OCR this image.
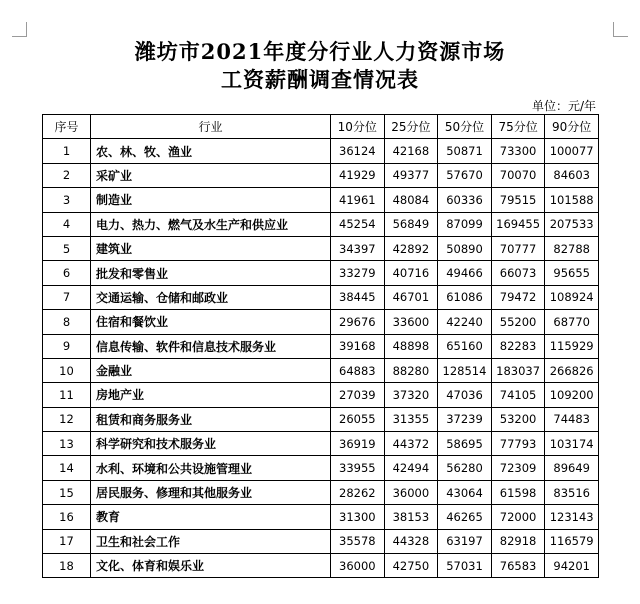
潍坊市2021年度分行业人力资源市场
工资薪酬调查情况表
单位：元/年
序号	行业	10分位	25分位	50分位	75分位	90分位
1	农、林、牧、渔业	36124	42168	50871	73300	100077
2	采矿业	41929	49377	57670	70070	84603
3	制造业	41961	48084	60336	79515	101588
4	电力、热力、燃气及水生产和供应业	45254	56849	87099	169455	207533
5	建筑业	34397	42892	50890	70777	82788
6	批发和零售业	33279	40716	49466	66073	95655
7	交通运输、仓储和邮政业	38445	46701	61086	79472	108924
8	住宿和餐饮业	29676	33600	42240	55200	68770
9	信息传输、软件和信息技术服务业	39168	48898	65160	82283	115929
10	金融业	64883	88280	128514	183037	266826
11	房地产业	27039	37320	47036	74105	109200
12	租赁和商务服务业	26055	31355	37239	53200	74483
13	科学研究和技术服务业	36919	44372	58695	77793	103174
14	水利、环境和公共设施管理业	33955	42494	56280	72309	89649
15	居民服务、修理和其他服务业	28262	36000	43064	61598	83516
16	教育	31300	38153	46265	72000	123143
17	卫生和社会工作	35578	44328	63197	82918	116579
18	文化、体育和娱乐业	36000	42750	57031	76583	94201
